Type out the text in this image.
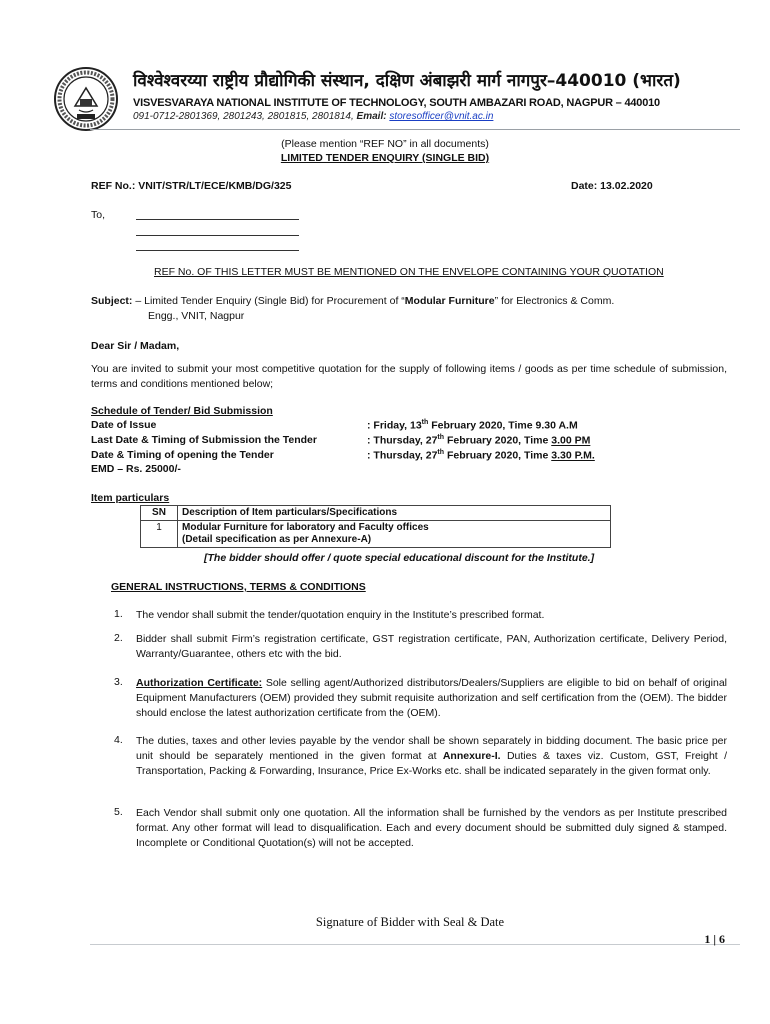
विश्वेश्वरय्या राष्ट्रीय प्रौद्योगिकी संस्थान, दक्षिण अंबाझरी मार्ग नागपुर–440010 (भारत)
VISVESVARAYA NATIONAL INSTITUTE OF TECHNOLOGY, SOUTH AMBAZARI ROAD, NAGPUR – 440010
091-0712-2801369, 2801243, 2801815, 2801814, Email: storesofficer@vnit.ac.in
(Please mention “REF NO” in all documents)
LIMITED TENDER ENQUIRY (SINGLE BID)
REF No.: VNIT/STR/LT/ECE/KMB/DG/325	Date: 13.02.2020
To,
REF No. OF THIS LETTER MUST BE MENTIONED ON THE ENVELOPE CONTAINING YOUR QUOTATION
Subject: – Limited Tender Enquiry (Single Bid) for Procurement of “Modular Furniture” for Electronics & Comm.
Engg., VNIT, Nagpur
Dear Sir / Madam,
You are invited to submit your most competitive quotation for the supply of following items / goods as per time schedule of submission, terms and conditions mentioned below;
Schedule of Tender/ Bid Submission
Date of Issue	: Friday, 13th February 2020, Time 9.30 A.M
Last Date & Timing of Submission the Tender	: Thursday, 27th February 2020, Time 3.00 PM
Date & Timing of opening the Tender	: Thursday, 27th February 2020, Time 3.30 P.M.
EMD – Rs. 25000/-
Item particulars
SN	Description of Item particulars/Specifications
1	Modular Furniture for laboratory and Faculty offices
(Detail specification as per Annexure-A)
[The bidder should offer / quote special educational discount for the Institute.]
GENERAL INSTRUCTIONS, TERMS & CONDITIONS
1. The vendor shall submit the tender/quotation enquiry in the Institute’s prescribed format.
2. Bidder shall submit Firm’s registration certificate, GST registration certificate, PAN, Authorization certificate, Delivery Period, Warranty/Guarantee, others etc with the bid.
3. Authorization Certificate: Sole selling agent/Authorized distributors/Dealers/Suppliers are eligible to bid on behalf of original Equipment Manufacturers (OEM) provided they submit requisite authorization and self certification from the (OEM). The bidder should enclose the latest authorization certificate from the (OEM).
4. The duties, taxes and other levies payable by the vendor shall be shown separately in bidding document. The basic price per unit should be separately mentioned in the given format at Annexure-I. Duties & taxes viz. Custom, GST, Freight / Transportation, Packing & Forwarding, Insurance, Price Ex-Works etc. shall be indicated separately in the given format only.
5. Each Vendor shall submit only one quotation. All the information shall be furnished by the vendors as per Institute prescribed format. Any other format will lead to disqualification. Each and every document should be submitted duly signed & stamped. Incomplete or Conditional Quotation(s) will not be accepted.
Signature of Bidder with Seal & Date
1 | 6
